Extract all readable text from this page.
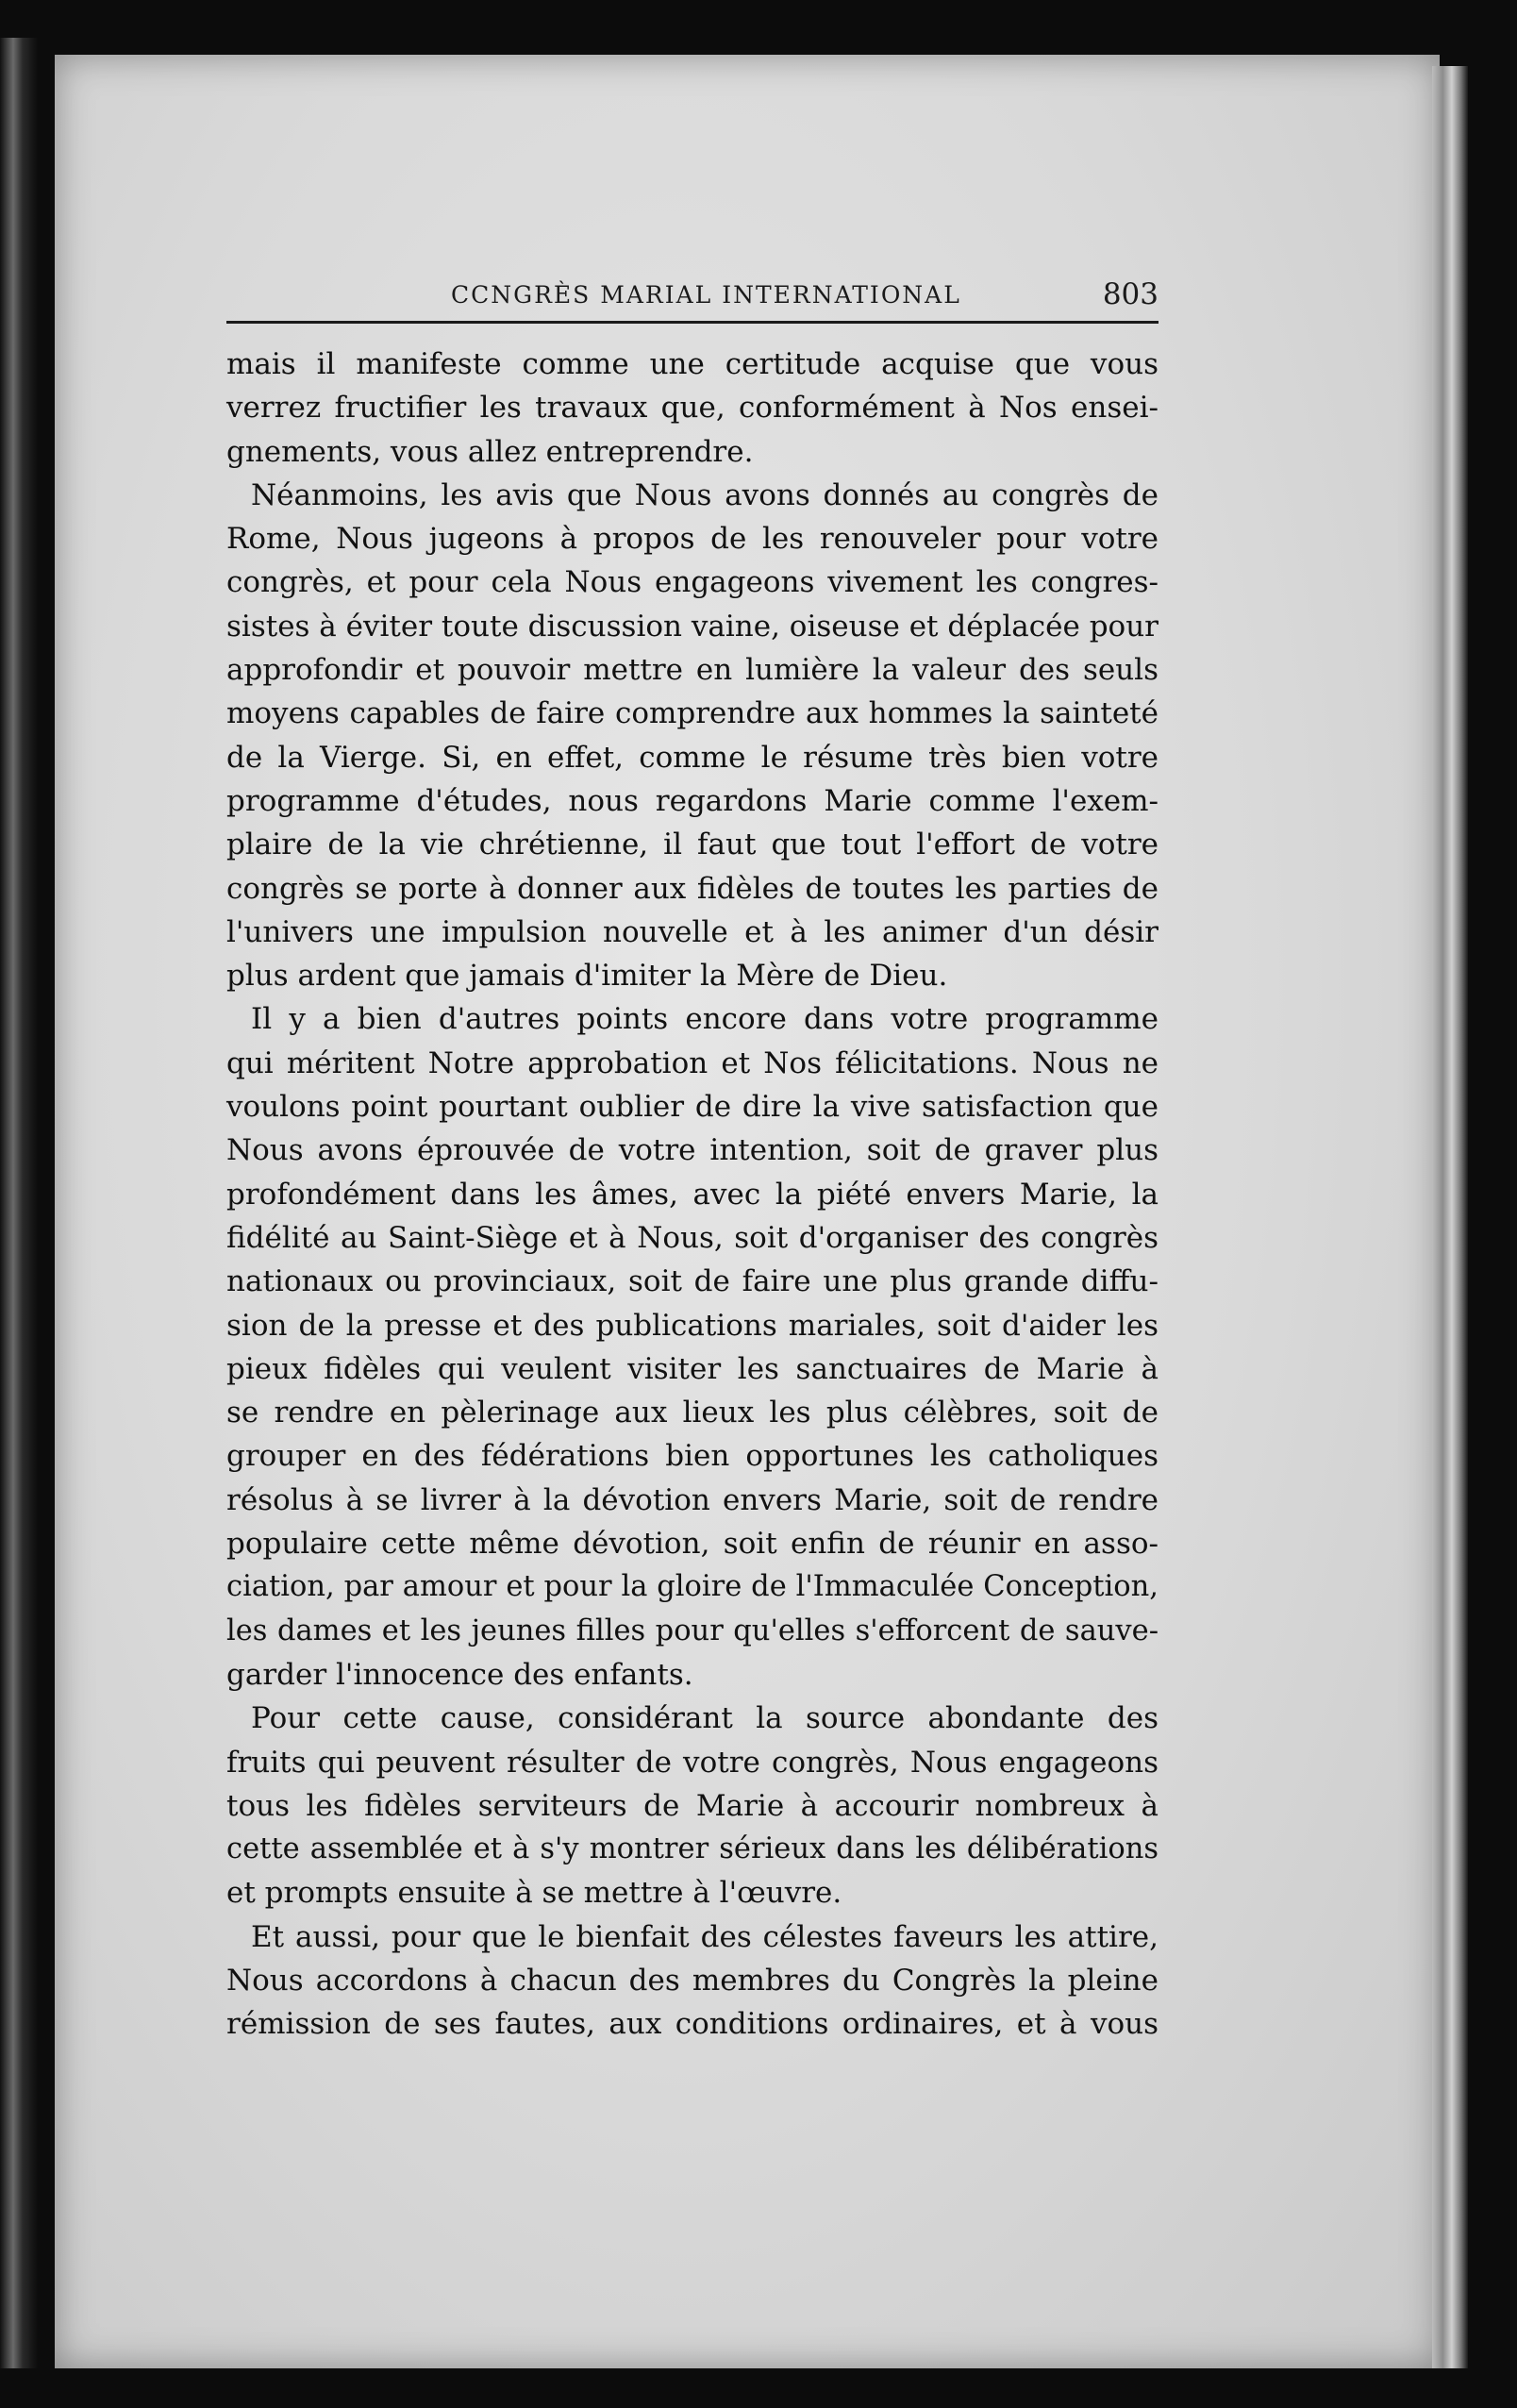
CCNGRÈS MARIAL INTERNATIONAL	803
mais il manifeste comme une certitude acquise que vous
verrez fructifier les travaux que, conformément à Nos ensei-
gnements, vous allez entreprendre.
Néanmoins, les avis que Nous avons donnés au congrès de
Rome, Nous jugeons à propos de les renouveler pour votre
congrès, et pour cela Nous engageons vivement les congres-
sistes à éviter toute discussion vaine, oiseuse et déplacée pour
approfondir et pouvoir mettre en lumière la valeur des seuls
moyens capables de faire comprendre aux hommes la sainteté
de la Vierge. Si, en effet, comme le résume très bien votre
programme d'études, nous regardons Marie comme l'exem-
plaire de la vie chrétienne, il faut que tout l'effort de votre
congrès se porte à donner aux fidèles de toutes les parties de
l'univers une impulsion nouvelle et à les animer d'un désir
plus ardent que jamais d'imiter la Mère de Dieu.
Il y a bien d'autres points encore dans votre programme
qui méritent Notre approbation et Nos félicitations. Nous ne
voulons point pourtant oublier de dire la vive satisfaction que
Nous avons éprouvée de votre intention, soit de graver plus
profondément dans les âmes, avec la piété envers Marie, la
fidélité au Saint-Siège et à Nous, soit d'organiser des congrès
nationaux ou provinciaux, soit de faire une plus grande diffu-
sion de la presse et des publications mariales, soit d'aider les
pieux fidèles qui veulent visiter les sanctuaires de Marie à
se rendre en pèlerinage aux lieux les plus célèbres, soit de
grouper en des fédérations bien opportunes les catholiques
résolus à se livrer à la dévotion envers Marie, soit de rendre
populaire cette même dévotion, soit enfin de réunir en asso-
ciation, par amour et pour la gloire de l'Immaculée Conception,
les dames et les jeunes filles pour qu'elles s'efforcent de sauve-
garder l'innocence des enfants.
Pour cette cause, considérant la source abondante des
fruits qui peuvent résulter de votre congrès, Nous engageons
tous les fidèles serviteurs de Marie à accourir nombreux à
cette assemblée et à s'y montrer sérieux dans les délibérations
et prompts ensuite à se mettre à l'œuvre.
Et aussi, pour que le bienfait des célestes faveurs les attire,
Nous accordons à chacun des membres du Congrès la pleine
rémission de ses fautes, aux conditions ordinaires, et à vous
